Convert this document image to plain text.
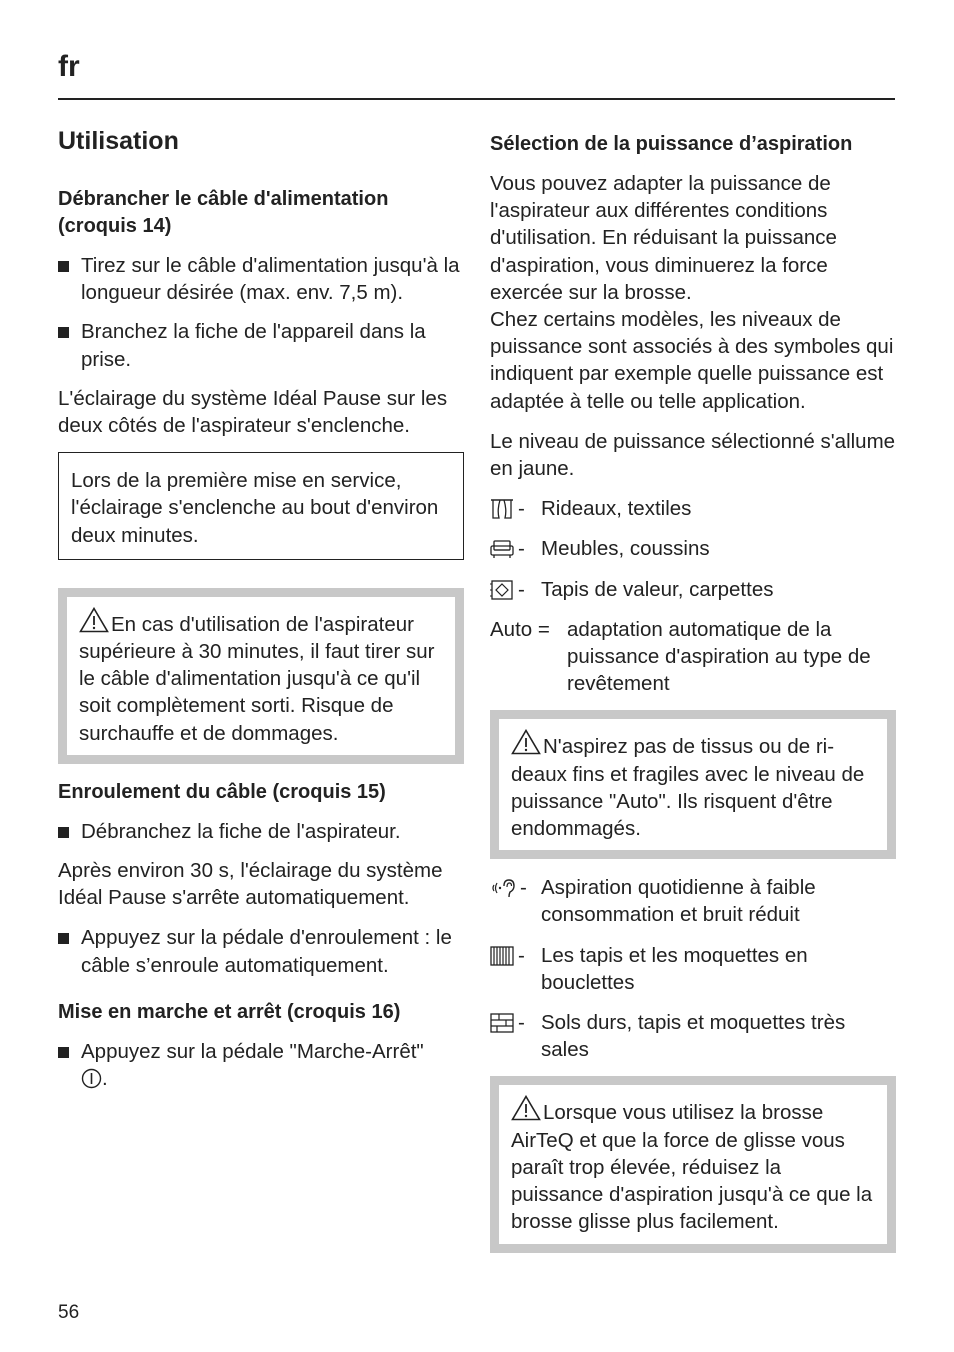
fr
Utilisation
Débrancher le câble d'alimentation (croquis 14)
Tirez sur le câble d'alimentation jusqu'à la longueur désirée (max. env. 7,5 m).
Branchez la fiche de l'appareil dans la prise.

L'éclairage du système Idéal Pause sur les deux côtés de l'aspirateur s'enclenche.

Lors de la première mise en service, l'éclairage s'enclenche au bout d'environ deux minutes.
En cas d'utilisation de l'aspirateur supérieure à 30 minutes, il faut tirer sur le câble d'alimentation jusqu'à ce qu'il soit complètement sorti. Risque de surchauffe et de dommages.
Enroulement du câble (croquis 15)
Débranchez la fiche de l'aspirateur.

Après environ 30 s, l'éclairage du système Idéal Pause s'arrête automatiquement.

Appuyez sur la pédale d'enroulement : le câble s’enroule automatiquement.
Mise en marche et arrêt (croquis 16)
Appuyez sur la pédale "Marche-Arrêt"
.
Sélection de la puissance d’aspiration

Vous pouvez adapter la puissance de l'aspirateur aux différentes conditions d'utilisation. En réduisant la puissance d'aspiration, vous diminuerez la force exercée sur la brosse.

Chez certains modèles, les niveaux de puissance sont associés à des symboles qui indiquent par exemple quelle puissance est adaptée à telle ou telle application.

Le niveau de puissance sélectionné s'allume en jaune.

- Rideaux, textiles
- Meubles, coussins
- Tapis de valeur, carpettes
Auto = adaptation automatique de la puissance d'aspiration au type de revêtement
N'aspirez pas de tissus ou de rideaux fins et fragiles avec le niveau de puissance "Auto". Ils risquent d'être endommagés.
- Aspiration quotidienne à faible consommation et bruit réduit
- Les tapis et les moquettes en bouclettes
- Sols durs, tapis et moquettes très sales
Lorsque vous utilisez la brosse AirTeQ et que la force de glisse vous paraît trop élevée, réduisez la puissance d'aspiration jusqu'à ce que la brosse glisse plus facilement.
56
